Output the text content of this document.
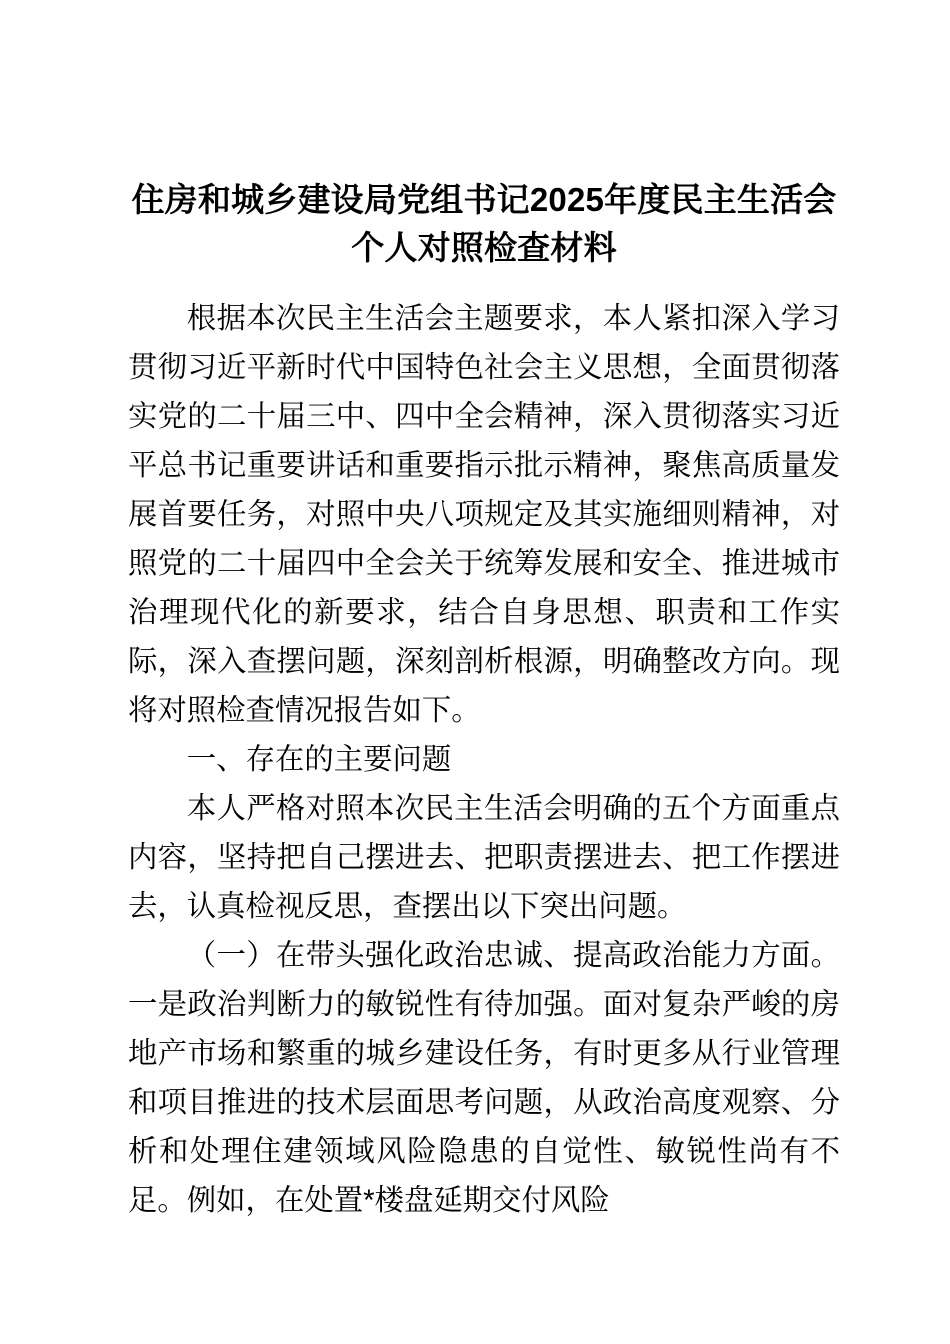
住房和城乡建设局党组书记2025年度民主生活会个人对照检查材料

根据本次民主生活会主题要求，本人紧扣深入学习贯彻习近平新时代中国特色社会主义思想，全面贯彻落实党的二十届三中、四中全会精神，深入贯彻落实习近平总书记重要讲话和重要指示批示精神，聚焦高质量发展首要任务，对照中央八项规定及其实施细则精神，对照党的二十届四中全会关于统筹发展和安全、推进城市治理现代化的新要求，结合自身思想、职责和工作实际，深入查摆问题，深刻剖析根源，明确整改方向。现将对照检查情况报告如下。

一、存在的主要问题

本人严格对照本次民主生活会明确的五个方面重点内容，坚持把自己摆进去、把职责摆进去、把工作摆进去，认真检视反思，查摆出以下突出问题。

（一）在带头强化政治忠诚、提高政治能力方面。一是政治判断力的敏锐性有待加强。面对复杂严峻的房地产市场和繁重的城乡建设任务，有时更多从行业管理和项目推进的技术层面思考问题，从政治高度观察、分析和处理住建领域风险隐患的自觉性、敏锐性尚有不足。例如，在处置*楼盘延期交付风险
